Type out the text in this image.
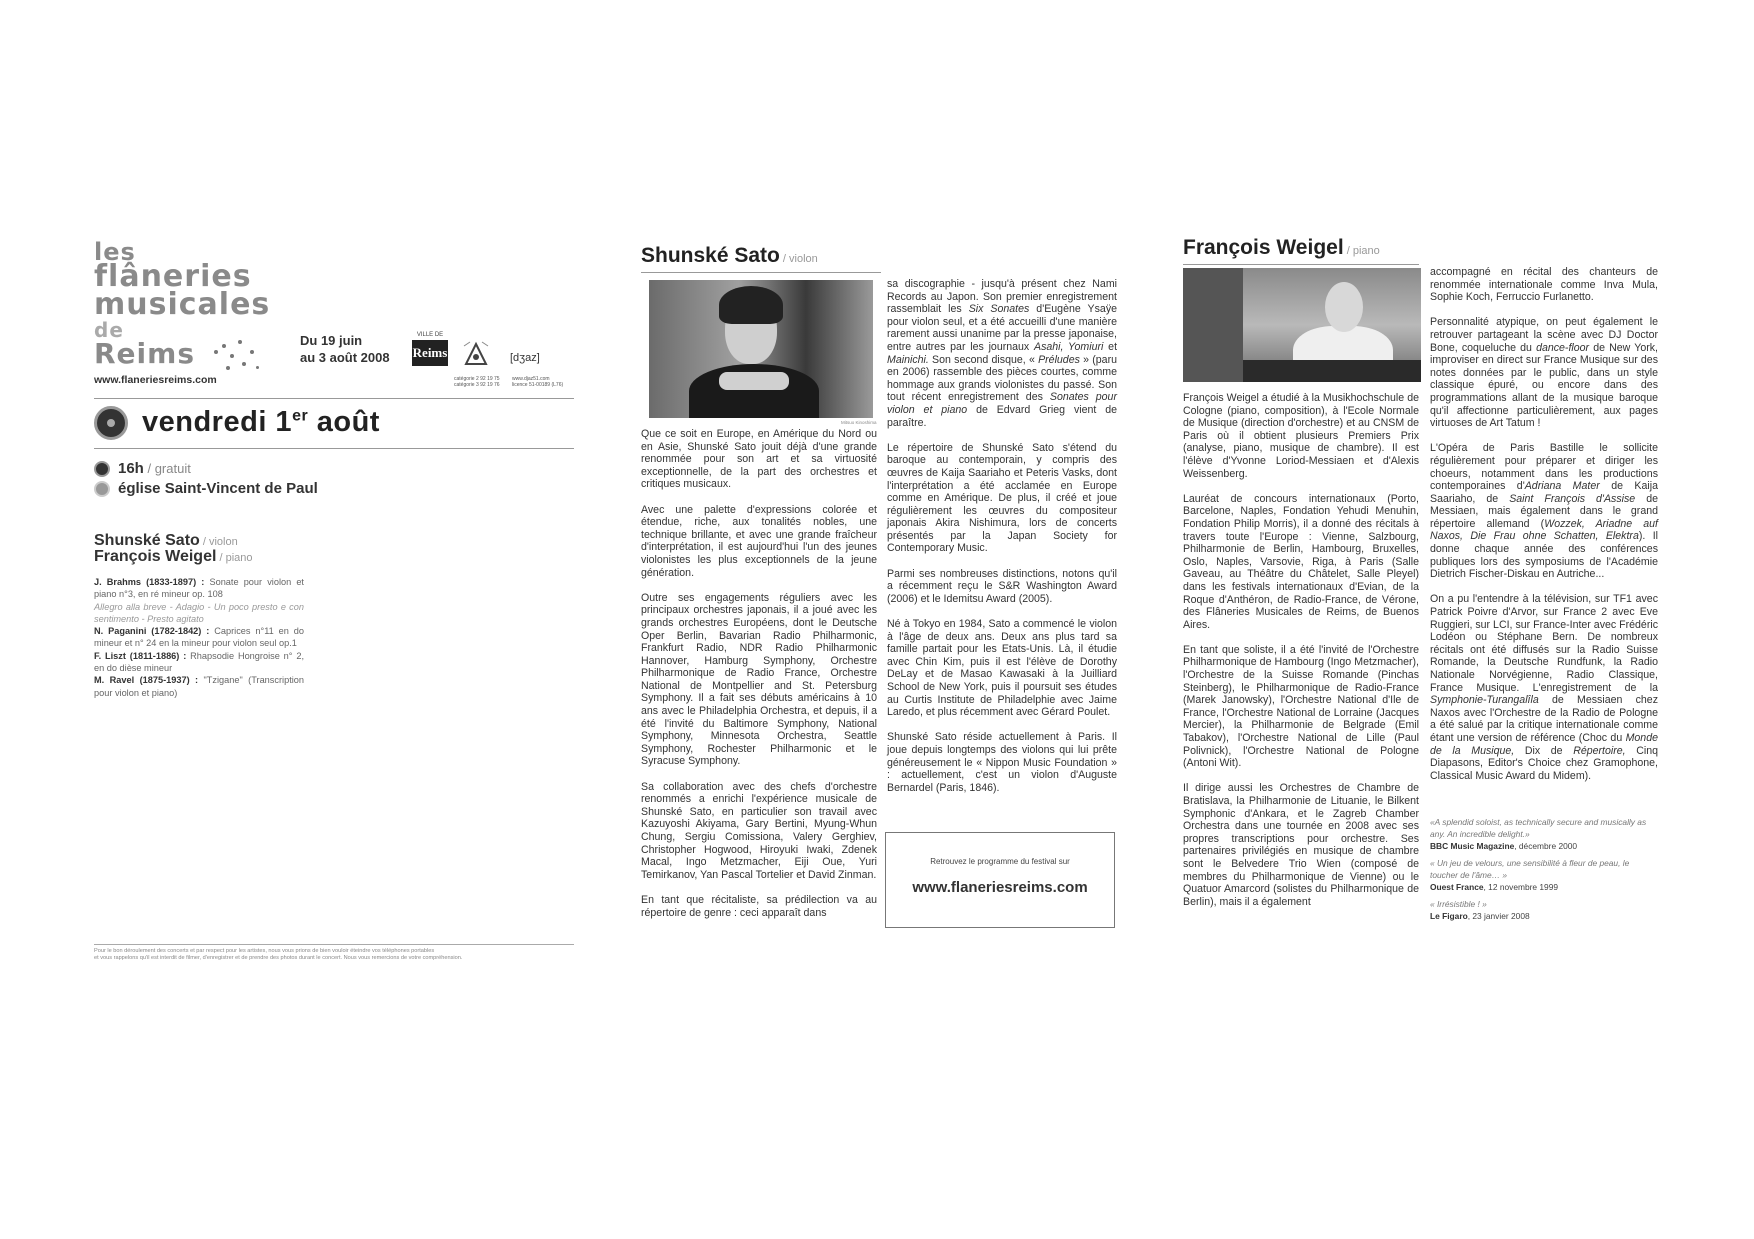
les
flâneries
musicales
de
Reims
www.flaneriesreims.com
Du 19 juin
au 3 août 2008
VILLE DE
Reims	[dʒaz]
catégorie 2 92 19 75
catégorie 3 92 19 76
www.djaz51.com
licence 51-00189 (L76)
vendredi 1er août
16h / gratuit
église Saint-Vincent de Paul
Shunské Sato / violon
François Weigel / piano
J. Brahms (1833-1897) : Sonate pour violon et piano n°3, en ré mineur op. 108
Allegro alla breve - Adagio - Un poco presto e con sentimento - Presto agitato
N. Paganini (1782-1842) : Caprices n°11 en do mineur et n° 24 en la mineur pour violon seul op.1
F. Liszt (1811-1886) : Rhapsodie Hongroise n° 2, en do dièse mineur
M. Ravel (1875-1937) : "Tzigane" (Transcription pour violon et piano)
Pour le bon déroulement des concerts et par respect pour les artistes, nous vous prions de bien vouloir éteindre vos téléphones portables
et vous rappelons qu'il est interdit de filmer, d'enregistrer et de prendre des photos durant le concert. Nous vous remercions de votre compréhension.
Shunské Sato / violon
Mitsuo Kinoshima

Que ce soit en Europe, en Amérique du Nord ou en Asie, Shunské Sato jouit déjà d'une grande renommée pour son art et sa virtuosité exceptionnelle, de la part des orchestres et critiques musicaux.

Avec une palette d'expressions colorée et étendue, riche, aux tonalités nobles, une technique brillante, et avec une grande fraîcheur d'interprétation, il est aujourd'hui l'un des jeunes violonistes les plus exceptionnels de la jeune génération.

Outre ses engagements réguliers avec les principaux orchestres japonais, il a joué avec les grands orchestres Européens, dont le Deutsche Oper Berlin, Bavarian Radio Philharmonic, Frankfurt Radio, NDR Radio Philharmonic Hannover, Hamburg Symphony, Orchestre Philharmonique de Radio France, Orchestre National de Montpellier and St. Petersburg Symphony. Il a fait ses débuts américains à 10 ans avec le Philadelphia Orchestra, et depuis, il a été l'invité du Baltimore Symphony, National Symphony, Minnesota Orchestra, Seattle Symphony, Rochester Philharmonic et le Syracuse Symphony.

Sa collaboration avec des chefs d'orchestre renommés a enrichi l'expérience musicale de Shunské Sato, en particulier son travail avec Kazuyoshi Akiyama, Gary Bertini, Myung-Whun Chung, Sergiu Comissiona, Valery Gerghiev, Christopher Hogwood, Hiroyuki Iwaki, Zdenek Macal, Ingo Metzmacher, Eiji Oue, Yuri Temirkanov, Yan Pascal Tortelier et David Zinman.

En tant que récitaliste, sa prédilection va au répertoire de genre : ceci apparaît dans

sa discographie - jusqu'à présent chez Nami Records au Japon. Son premier enregistrement rassemblait les Six Sonates d'Eugène Ysaÿe pour violon seul, et a été accueilli d'une manière rarement aussi unanime par la presse japonaise, entre autres par les journaux Asahi, Yomiuri et Mainichi. Son second disque, « Préludes » (paru en 2006) rassemble des pièces courtes, comme hommage aux grands violonistes du passé. Son tout récent enregistrement des Sonates pour violon et piano de Edvard Grieg vient de paraître.

Le répertoire de Shunské Sato s'étend du baroque au contemporain, y compris des œuvres de Kaija Saariaho et Peteris Vasks, dont l'interprétation a été acclamée en Europe comme en Amérique. De plus, il créé et joue régulièrement les œuvres du compositeur japonais Akira Nishimura, lors de concerts présentés par la Japan Society for Contemporary Music.

Parmi ses nombreuses distinctions, notons qu'il a récemment reçu le S&R Washington Award (2006) et le Idemitsu Award (2005).

Né à Tokyo en 1984, Sato a commencé le violon à l'âge de deux ans. Deux ans plus tard sa famille partait pour les Etats-Unis. Là, il étudie avec Chin Kim, puis il est l'élève de Dorothy DeLay et de Masao Kawasaki à la Juilliard School de New York, puis il poursuit ses études au Curtis Institute de Philadelphie avec Jaime Laredo, et plus récemment avec Gérard Poulet.

Shunské Sato réside actuellement à Paris. Il joue depuis longtemps des violons qui lui prête généreusement le « Nippon Music Foundation » : actuellement, c'est un violon d'Auguste Bernardel (Paris, 1846).

Retrouvez le programme du festival sur
www.flaneriesreims.com
François Weigel / piano

François Weigel a étudié à la Musikhochschule de Cologne (piano, composition), à l'Ecole Normale de Musique (direction d'orchestre) et au CNSM de Paris où il obtient plusieurs Premiers Prix (analyse, piano, musique de chambre). Il est l'élève d'Yvonne Loriod-Messiaen et d'Alexis Weissenberg.

Lauréat de concours internationaux (Porto, Barcelone, Naples, Fondation Yehudi Menuhin, Fondation Philip Morris), il a donné des récitals à travers toute l'Europe : Vienne, Salzbourg, Philharmonie de Berlin, Hambourg, Bruxelles, Oslo, Naples, Varsovie, Riga, à Paris (Salle Gaveau, au Théâtre du Châtelet, Salle Pleyel) dans les festivals internationaux d'Evian, de la Roque d'Anthéron, de Radio-France, de Vérone, des Flâneries Musicales de Reims, de Buenos Aires.

En tant que soliste, il a été l'invité de l'Orchestre Philharmonique de Hambourg (Ingo Metzmacher), l'Orchestre de la Suisse Romande (Pinchas Steinberg), le Philharmonique de Radio-France (Marek Janowsky), l'Orchestre National d'Ile de France, l'Orchestre National de Lorraine (Jacques Mercier), la Philharmonie de Belgrade (Emil Tabakov), l'Orchestre National de Lille (Paul Polivnick), l'Orchestre National de Pologne (Antoni Wit).

Il dirige aussi les Orchestres de Chambre de Bratislava, la Philharmonie de Lituanie, le Bilkent Symphonic d'Ankara, et le Zagreb Chamber Orchestra dans une tournée en 2008 avec ses propres transcriptions pour orchestre. Ses partenaires privilégiés en musique de chambre sont le Belvedere Trio Wien (composé de membres du Philharmonique de Vienne) ou le Quatuor Amarcord (solistes du Philharmonique de Berlin), mais il a également

accompagné en récital des chanteurs de renommée internationale comme Inva Mula, Sophie Koch, Ferruccio Furlanetto.

Personnalité atypique, on peut également le retrouver partageant la scène avec DJ Doctor Bone, coqueluche du dance-floor de New York, improviser en direct sur France Musique sur des notes données par le public, dans un style classique épuré, ou encore dans des programmations allant de la musique baroque qu'il affectionne particulièrement, aux pages virtuoses de Art Tatum !

L'Opéra de Paris Bastille le sollicite régulièrement pour préparer et diriger les choeurs, notamment dans les productions contemporaines d'Adriana Mater de Kaija Saariaho, de Saint François d'Assise de Messiaen, mais également dans le grand répertoire allemand (Wozzek, Ariadne auf Naxos, Die Frau ohne Schatten, Elektra). Il donne chaque année des conférences publiques lors des symposiums de l'Académie Dietrich Fischer-Diskau en Autriche...

On a pu l'entendre à la télévision, sur TF1 avec Patrick Poivre d'Arvor, sur France 2 avec Eve Ruggieri, sur LCI, sur France-Inter avec Frédéric Lodéon ou Stéphane Bern. De nombreux récitals ont été diffusés sur la Radio Suisse Romande, la Deutsche Rundfunk, la Radio Nationale Norvégienne, Radio Classique, France Musique. L'enregistrement de la Symphonie-Turangalîla de Messiaen chez Naxos avec l'Orchestre de la Radio de Pologne a été salué par la critique internationale comme étant une version de référence (Choc du Monde de la Musique, Dix de Répertoire, Cinq Diapasons, Editor's Choice chez Gramophone, Classical Music Award du Midem).

«A splendid soloist, as technically secure and musically as any. An incredible delight.»
BBC Music Magazine, décembre 2000
« Un jeu de velours, une sensibilité à fleur de peau, le toucher de l'âme… »
Ouest France, 12 novembre 1999
« Irrésistible ! »
Le Figaro, 23 janvier 2008
